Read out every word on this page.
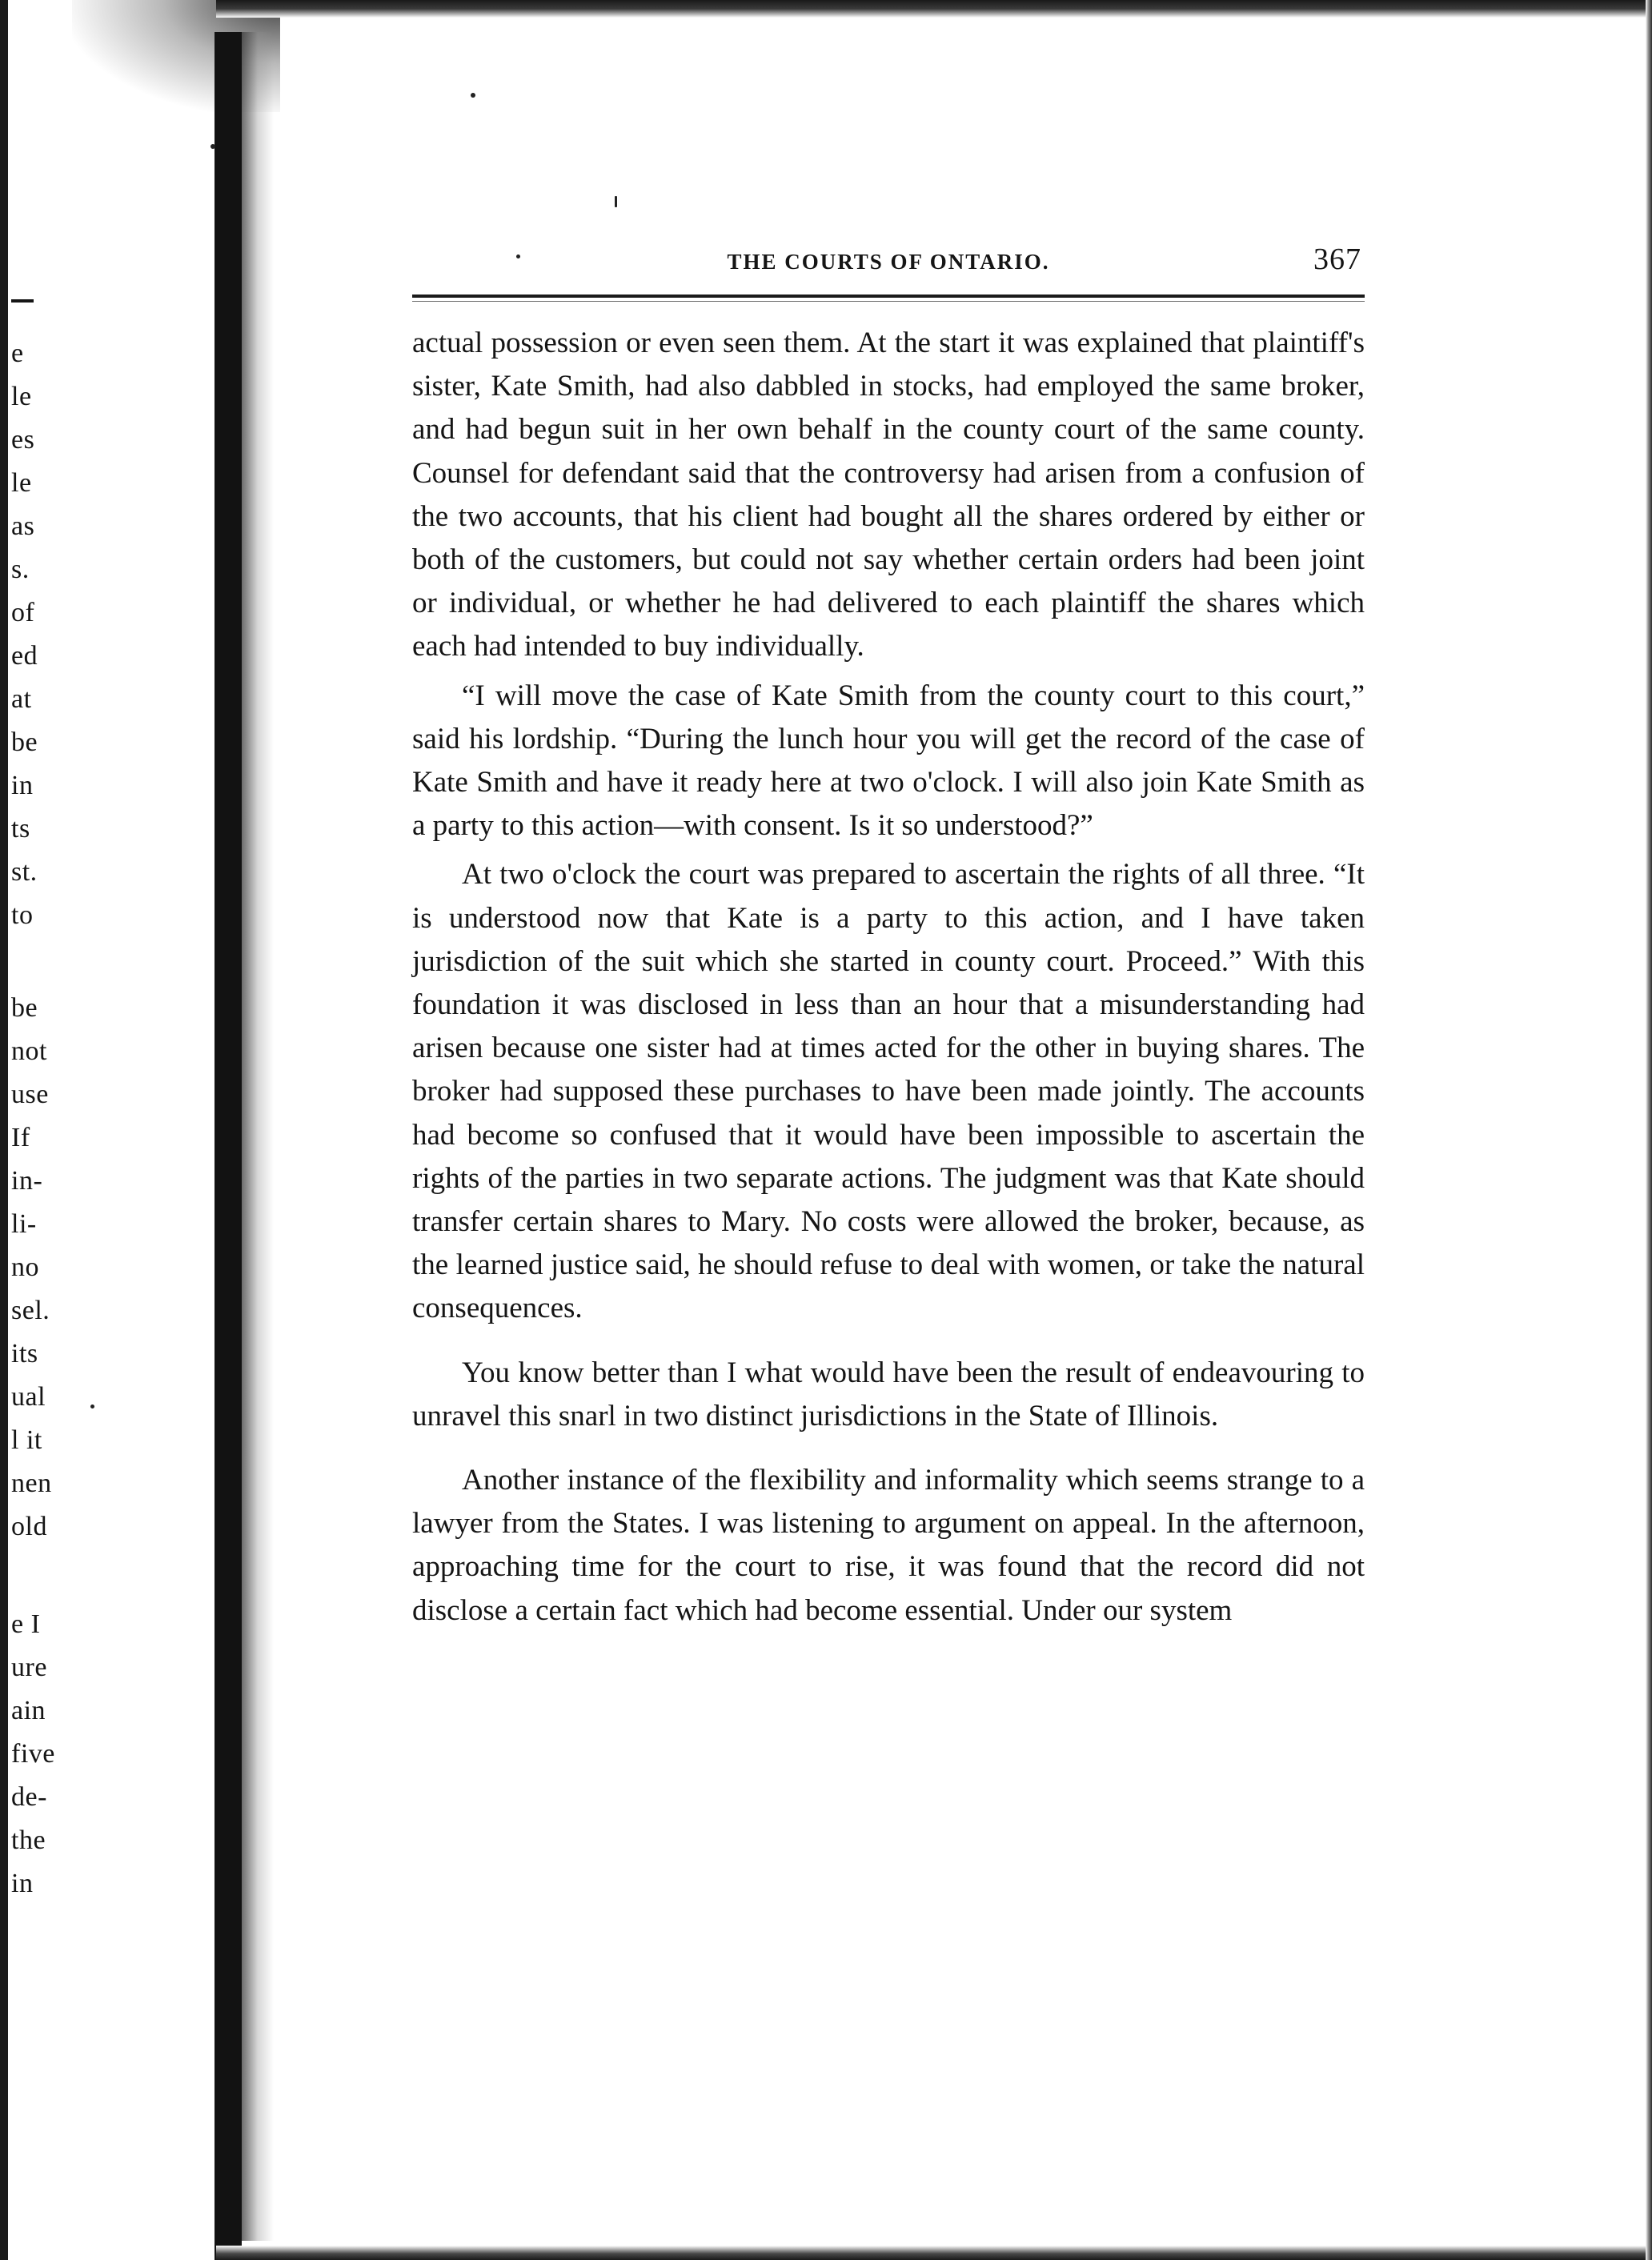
e
le
es
le
as
s.
of
ed
at
be
in
ts
st.
to
be
not
use
If
in-
li-
no
sel.
its
ual
l it
nen
old
e I
ure
ain
five
de-
the
in
THE COURTS OF ONTARIO.	367

actual possession or even seen them. At the start it was explained that plaintiff's sister, Kate Smith, had also dabbled in stocks, had employed the same broker, and had begun suit in her own behalf in the county court of the same county. Counsel for defendant said that the controversy had arisen from a confusion of the two accounts, that his client had bought all the shares ordered by either or both of the customers, but could not say whether certain orders had been joint or individual, or whether he had delivered to each plaintiff the shares which each had intended to buy individually.

“I will move the case of Kate Smith from the county court to this court,” said his lordship. “During the lunch hour you will get the record of the case of Kate Smith and have it ready here at two o'clock. I will also join Kate Smith as a party to this action—with consent. Is it so understood?”

At two o'clock the court was prepared to ascertain the rights of all three. “It is understood now that Kate is a party to this action, and I have taken jurisdiction of the suit which she started in county court. Proceed.” With this foundation it was disclosed in less than an hour that a misunderstanding had arisen because one sister had at times acted for the other in buying shares. The broker had supposed these purchases to have been made jointly. The accounts had become so confused that it would have been impossible to ascertain the rights of the parties in two separate actions. The judgment was that Kate should transfer certain shares to Mary. No costs were allowed the broker, because, as the learned justice said, he should refuse to deal with women, or take the natural consequences.

You know better than I what would have been the result of endeavouring to unravel this snarl in two distinct jurisdictions in the State of Illinois.

Another instance of the flexibility and informality which seems strange to a lawyer from the States. I was listening to argument on appeal. In the afternoon, approaching time for the court to rise, it was found that the record did not disclose a certain fact which had become essential. Under our system
